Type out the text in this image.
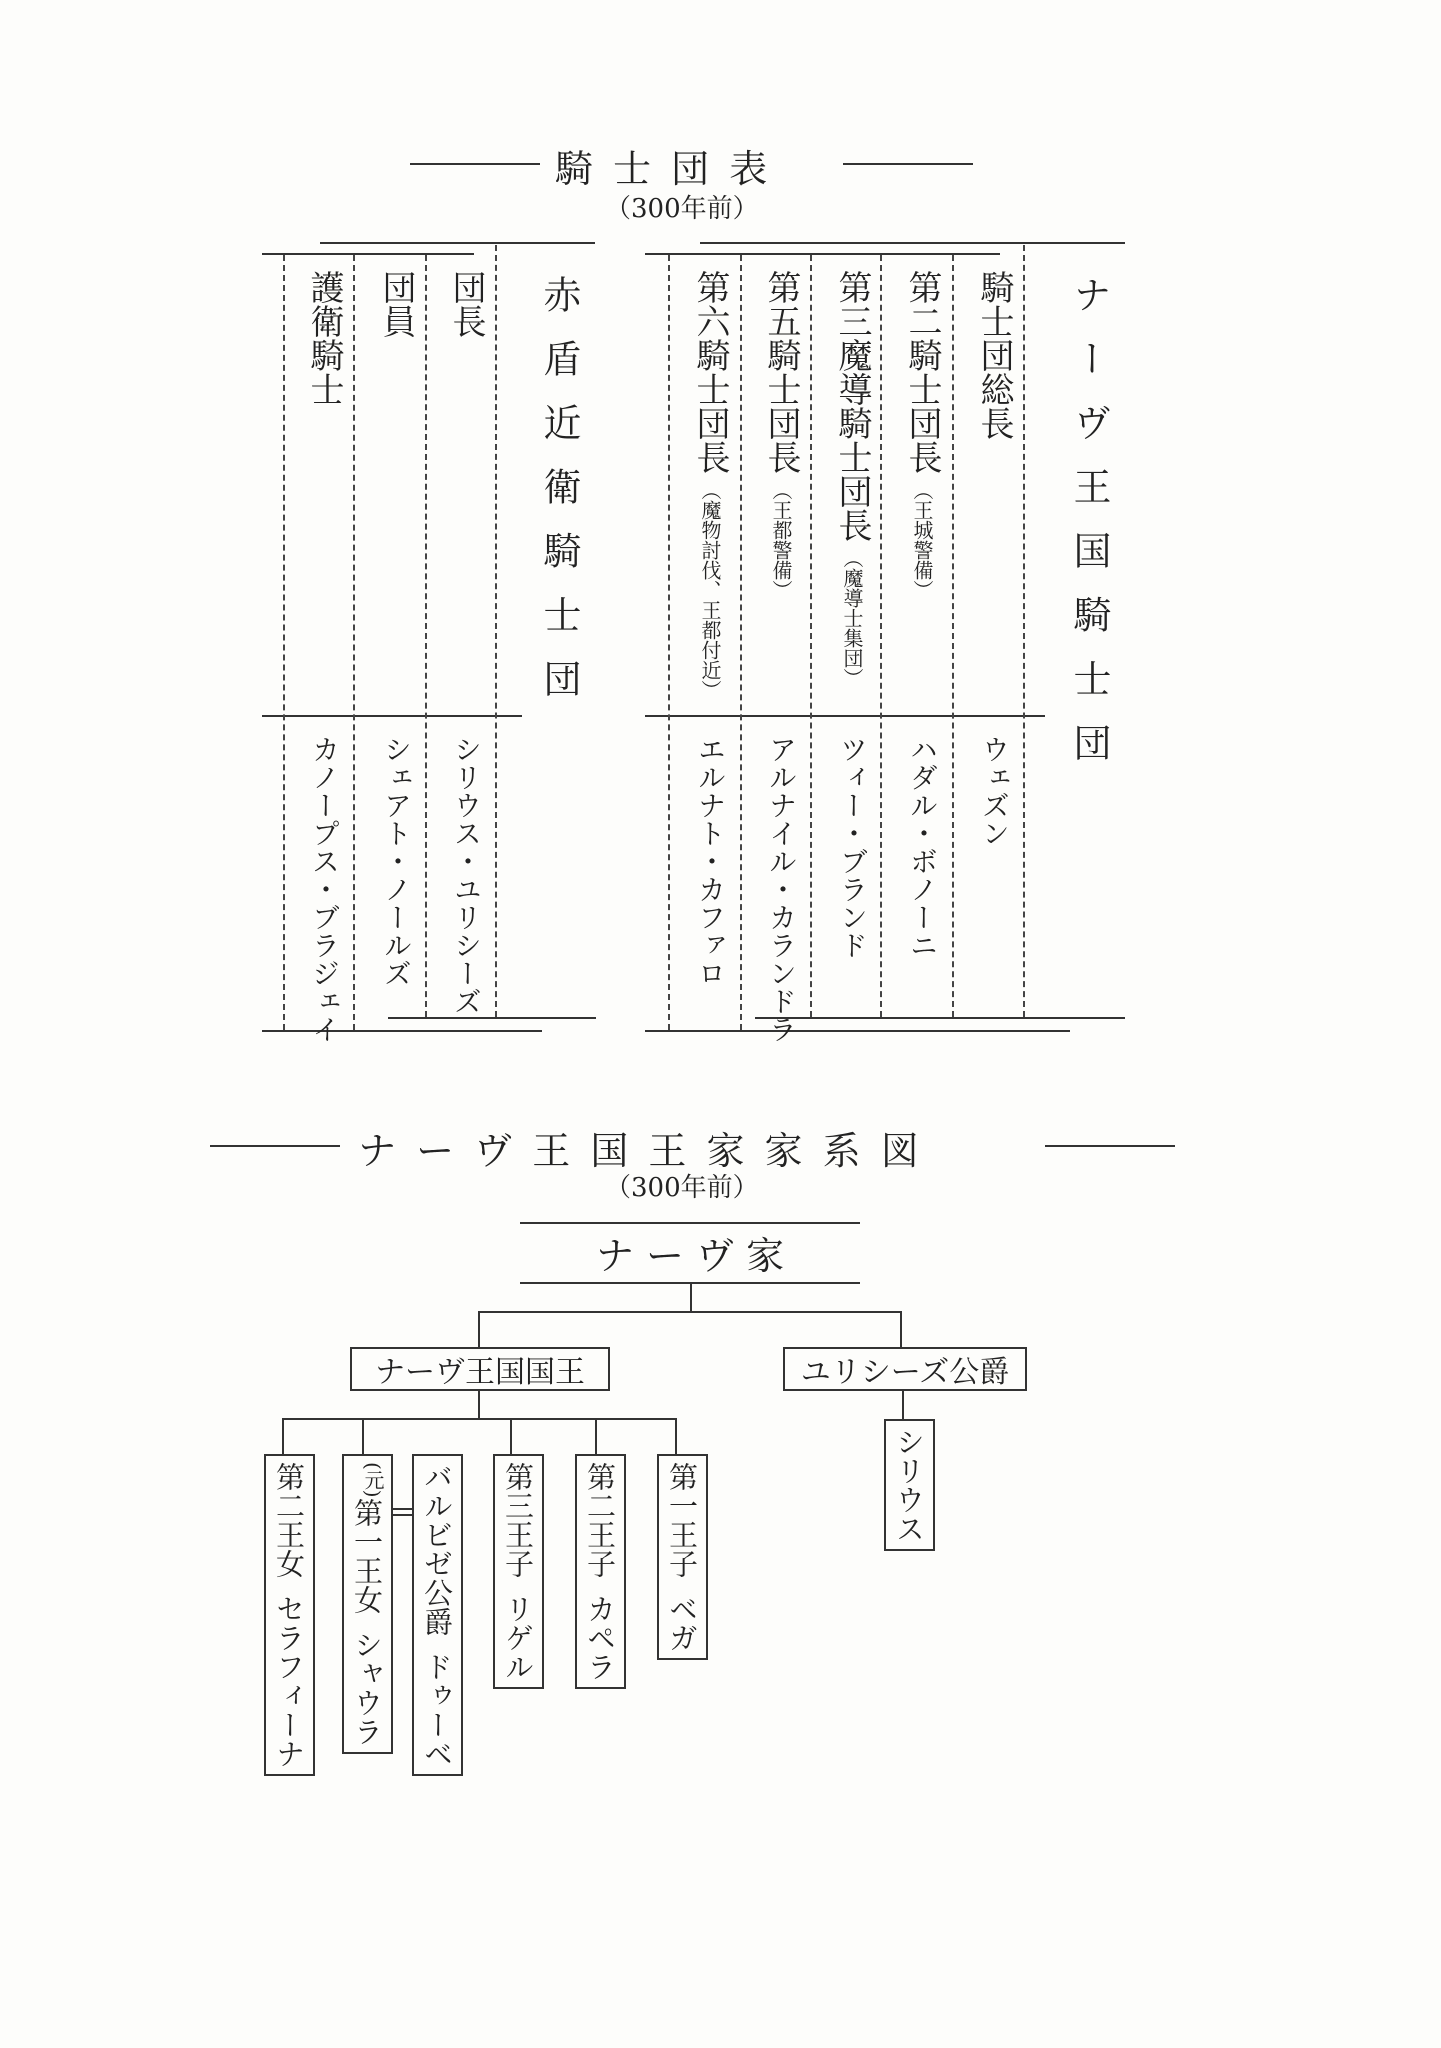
騎 士 団 表
（300年前）
団長
団員
護衛騎士
シリウス・ユリシーズ
シェアト・ノールズ
カノープス・ブラジェイ
赤盾近衛騎士団	騎士団総長
第二騎士団長（王城警備）
第三魔導騎士団長（魔導士集団）
第五騎士団長（王都警備）
第六騎士団長（魔物討伐、王都付近）
ウェズン
ハダル・ボノーニ
ツィー・ブランド
アルナイル・カランドラ
エルナト・カファロ
ナーヴ王国騎士団
ナ ー ヴ 王 国 王 家 家 系 図
（300年前）
ナ ー ヴ 家
ナーヴ王国国王	ユリシーズ公爵
第二王女
セラフィーナ
(元)
第一王女
シャウラ
バルビゼ公爵
ドゥーベ
第三王子
リゲル
第二王子
カペラ
第一王子
ベガ
シリウス
